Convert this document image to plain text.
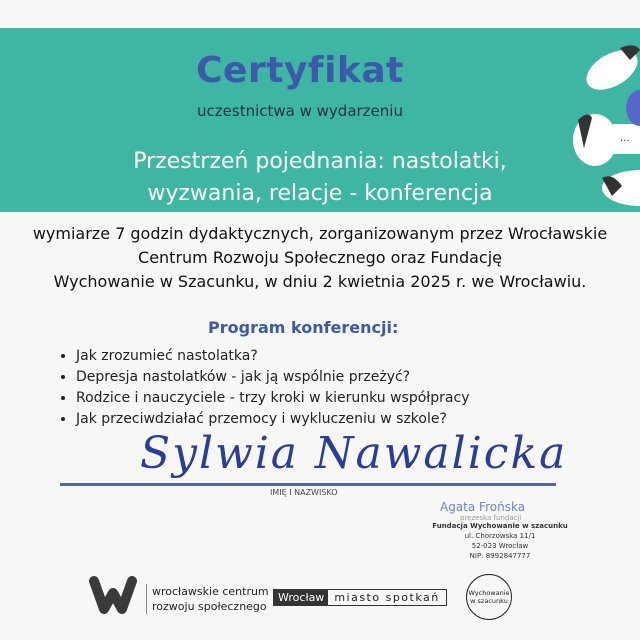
...
Certyfikat
uczestnictwa w wydarzeniu
Przestrzeń pojednania: nastolatki,
wyzwania, relacje - konferencja
wymiarze 7 godzin dydaktycznych, zorganizowanym przez Wrocławskie
Centrum Rozwoju Społecznego oraz Fundację
Wychowanie w Szacunku, w dniu 2 kwietnia 2025 r. we Wrocławiu.
Program konferencji:
• Jak zrozumieć nastolatka?
• Depresja nastolatków - jak ją wspólnie przeżyć?
• Rodzice i nauczyciele - trzy kroki w kierunku współpracy
• Jak przeciwdziałać przemocy i wykluczeniu w szkole?
Sylwia Nawalicka
IMIĘ I NAZWISKO
Agata Frońska
prezeska fundacji
Fundacja Wychowanie w szacunku
ul. Chorzowska 11/1
52-023 Wrocław
NIP: 8992847777
wrocławskie centrum
rozwoju społecznego
Wrocław miasto spotkań	Wychowanie
w szacunku
